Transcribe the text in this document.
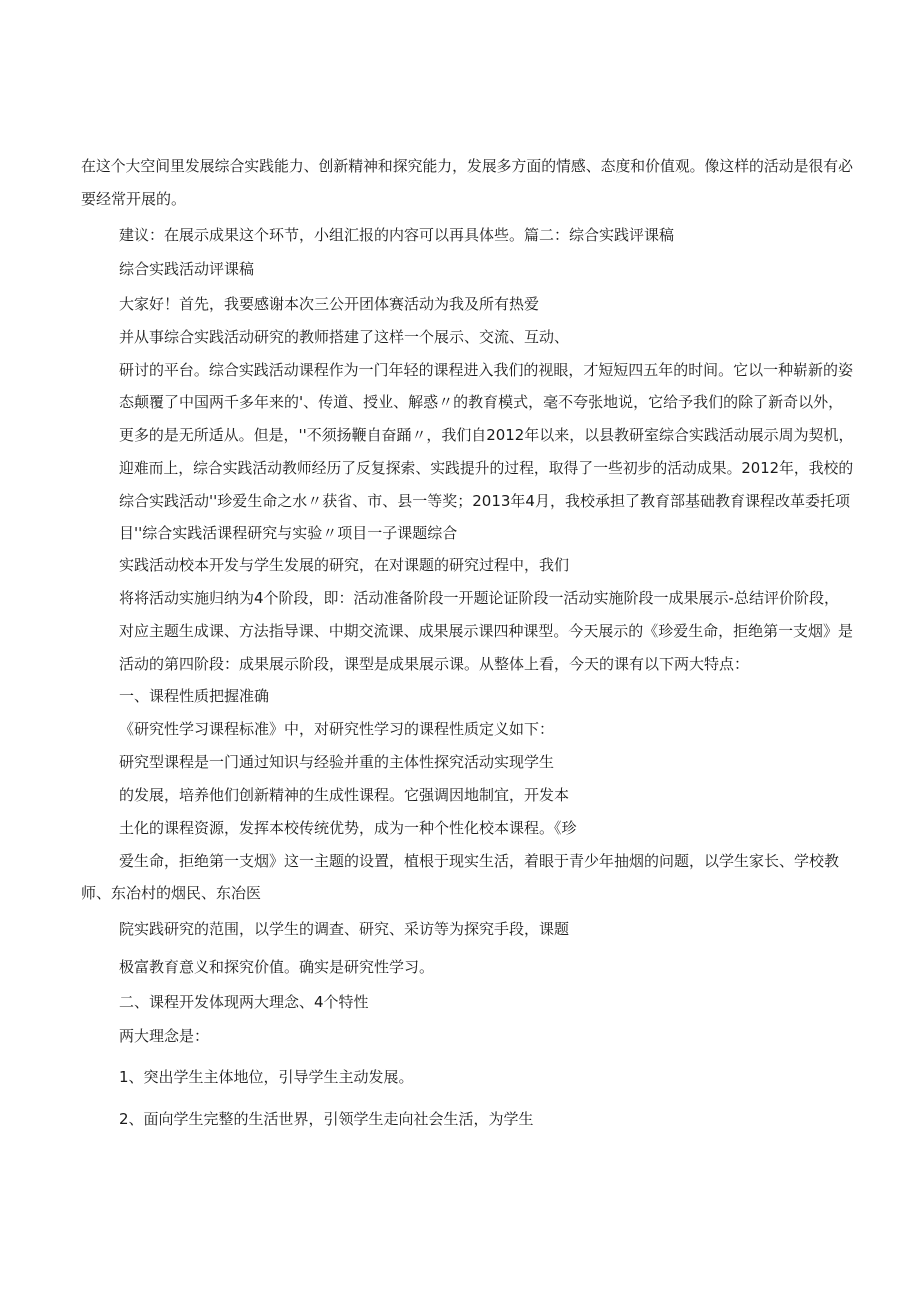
在这个大空间里发展综合实践能力、创新精神和探究能力，发展多方面的情感、态度和价值观。像这样的活动是很有必
要经常开展的。
建议：在展示成果这个环节，小组汇报的内容可以再具体些。篇二：综合实践评课稿
综合实践活动评课稿
大家好！首先，我要感谢本次三公开团体赛活动为我及所有热爱
并从事综合实践活动研究的教师搭建了这样一个展示、交流、互动、
研讨的平台。综合实践活动课程作为一门年轻的课程进入我们的视眼，才短短四五年的时间。它以一种崭新的姿
态颠覆了中国两千多年来的'、传道、授业、解惑〃的教育模式，毫不夸张地说，它给予我们的除了新奇以外，
更多的是无所适从。但是，''不须扬鞭自奋踊〃，我们自2012年以来，以县教研室综合实践活动展示周为契机，
迎难而上，综合实践活动教师经历了反复探索、实践提升的过程，取得了一些初步的活动成果。2012年，我校的
综合实践活动''珍爱生命之水〃获省、市、县一等奖；2013年4月，我校承担了教育部基础教育课程改革委托项
目''综合实践活课程研究与实验〃项目一子课题综合
实践活动校本开发与学生发展的研究，在对课题的研究过程中，我们
将将活动实施归纳为4个阶段，即：活动准备阶段一开题论证阶段一活动实施阶段一成果展示-总结评价阶段，
对应主题生成课、方法指导课、中期交流课、成果展示课四种课型。今天展示的《珍爱生命，拒绝第一支烟》是
活动的第四阶段：成果展示阶段，课型是成果展示课。从整体上看，今天的课有以下两大特点：
一、课程性质把握准确
《研究性学习课程标准》中，对研究性学习的课程性质定义如下：
研究型课程是一门通过知识与经验并重的主体性探究活动实现学生
的发展，培养他们创新精神的生成性课程。它强调因地制宜，开发本
土化的课程资源，发挥本校传统优势，成为一种个性化校本课程。《珍
爱生命，拒绝第一支烟》这一主题的设置，植根于现实生活，着眼于青少年抽烟的问题，以学生家长、学校教
师、东冶村的烟民、东冶医
院实践研究的范围，以学生的调查、研究、采访等为探究手段，课题
极富教育意义和探究价值。确实是研究性学习。
二、课程开发体现两大理念、4个特性
两大理念是：
1、突出学生主体地位，引导学生主动发展。
2、面向学生完整的生活世界，引领学生走向社会生活，为学生
